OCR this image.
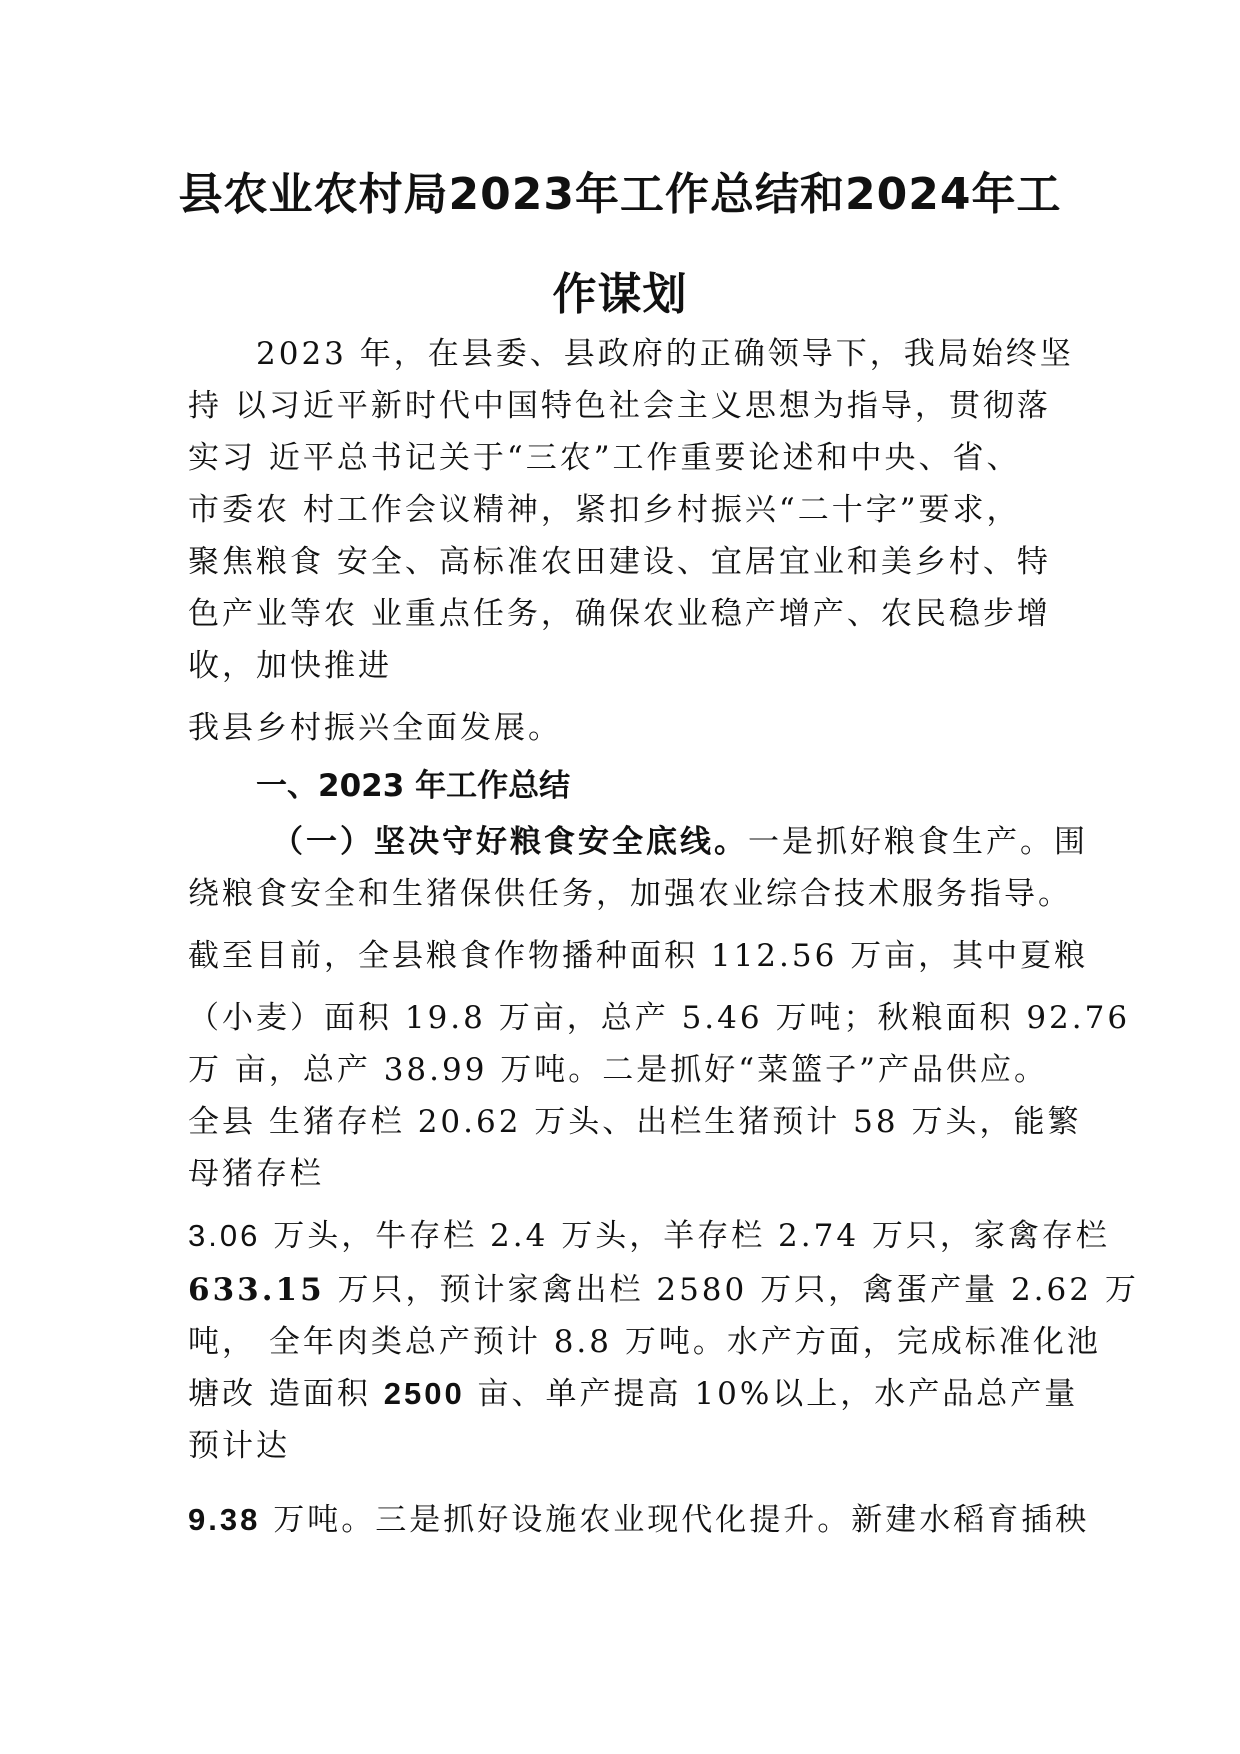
县农业农村局2023年工作总结和2024年工
作谋划
2023 年，在县委、县政府的正确领导下，我局始终坚
持 以习近平新时代中国特色社会主义思想为指导，贯彻落
实习 近平总书记关于“三农”工作重要论述和中央、省、
市委农 村工作会议精神，紧扣乡村振兴“二十字”要求，
聚焦粮食 安全、高标准农田建设、宜居宜业和美乡村、特
色产业等农 业重点任务，确保农业稳产增产、农民稳步增
收，加快推进
我县乡村振兴全面发展。
一、2023 年工作总结
（一）坚决守好粮食安全底线。一是抓好粮食生产。围
绕粮食安全和生猪保供任务，加强农业综合技术服务指导。
截至目前，全县粮食作物播种面积 112.56 万亩，其中夏粮
（小麦）面积 19.8 万亩，总产 5.46 万吨；秋粮面积 92.76
万 亩，总产 38.99 万吨。二是抓好“菜篮子”产品供应。
全县 生猪存栏 20.62 万头、出栏生猪预计 58 万头，能繁
母猪存栏
3.06 万头，牛存栏 2.4 万头，羊存栏 2.74 万只，家禽存栏
633.15 万只，预计家禽出栏 2580 万只，禽蛋产量 2.62 万
吨， 全年肉类总产预计 8.8 万吨。水产方面，完成标准化池
塘改 造面积 2500 亩、单产提高 10%以上，水产品总产量
预计达
9.38 万吨。三是抓好设施农业现代化提升。新建水稻育插秧
